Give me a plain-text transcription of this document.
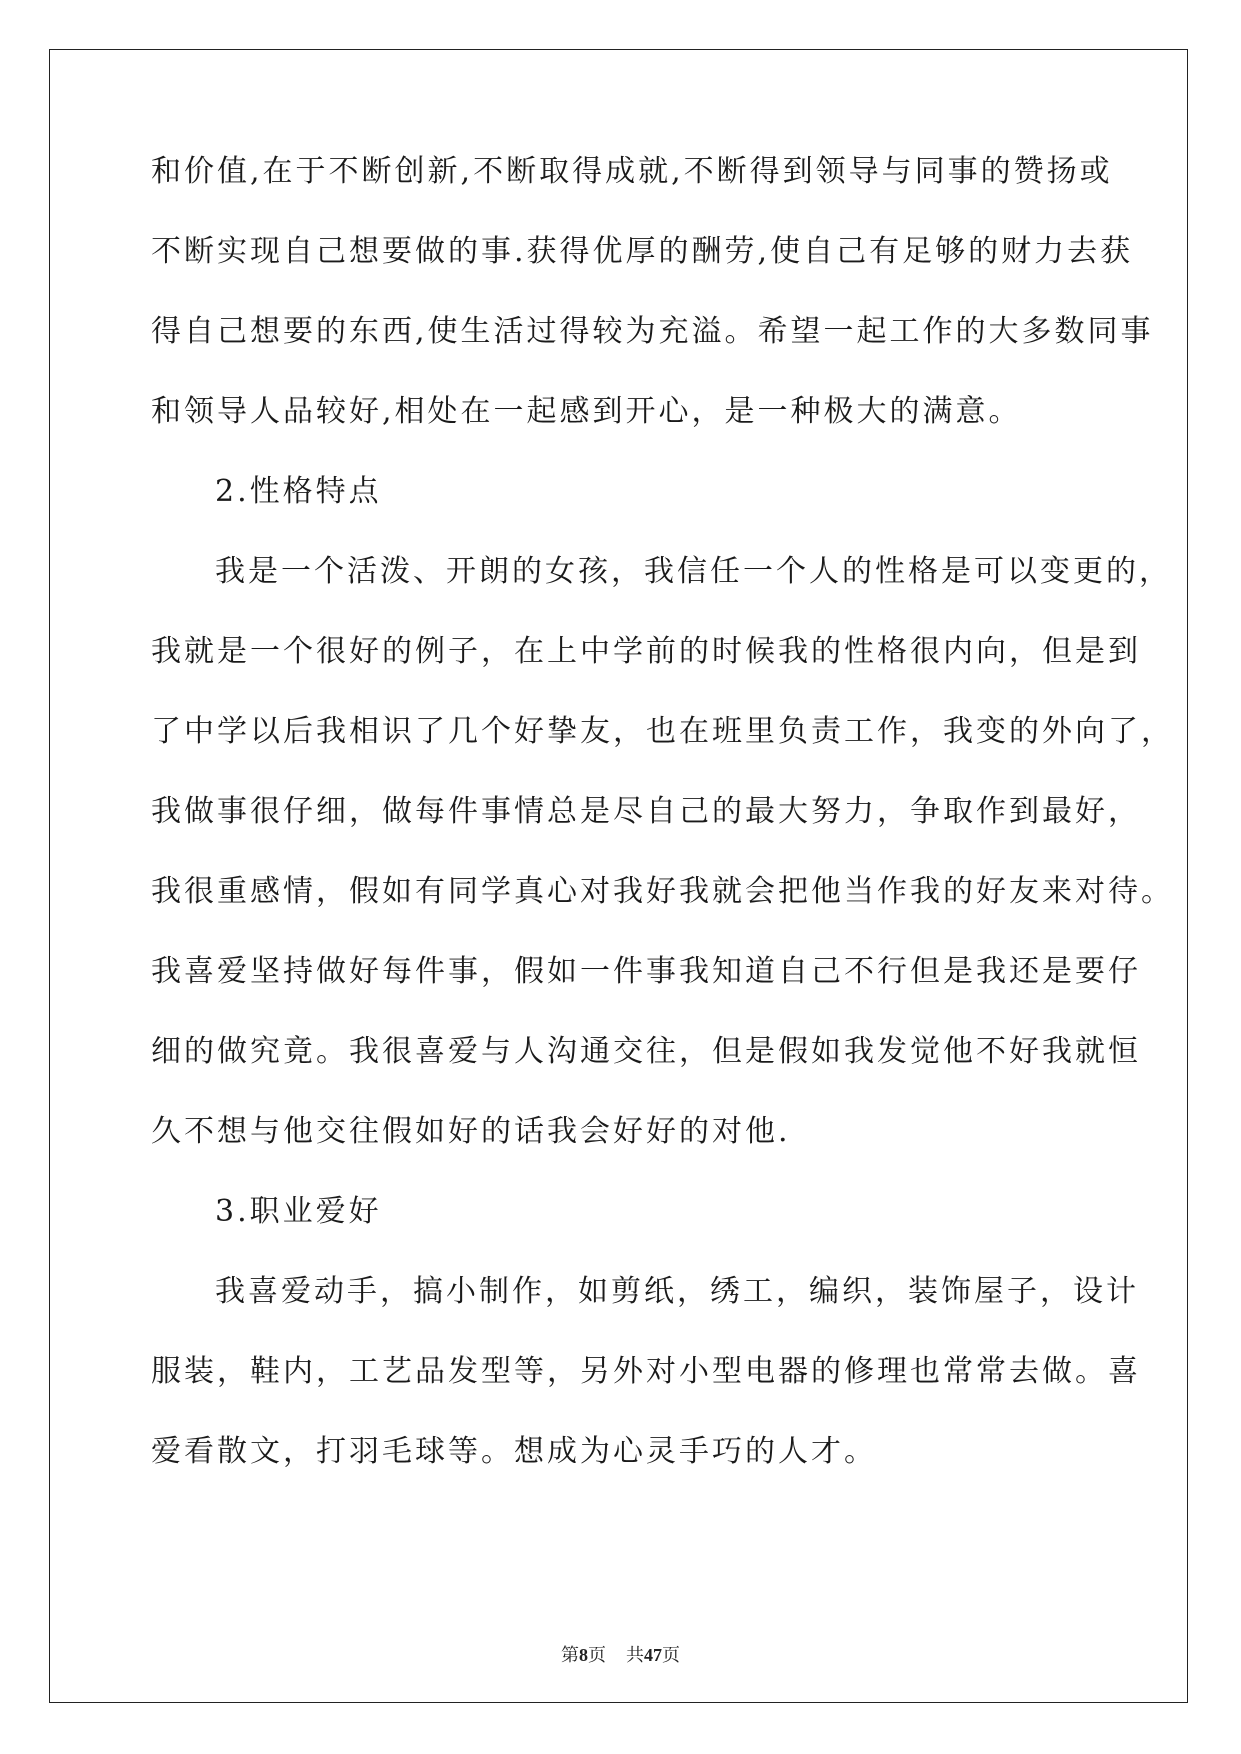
和价值,在于不断创新,不断取得成就,不断得到领导与同事的赞扬或
不断实现自己想要做的事.获得优厚的酬劳,使自己有足够的财力去获
得自己想要的东西,使生活过得较为充溢。希望一起工作的大多数同事
和领导人品较好,相处在一起感到开心，是一种极大的满意。
2.性格特点
我是一个活泼、开朗的女孩，我信任一个人的性格是可以变更的，
我就是一个很好的例子，在上中学前的时候我的性格很内向，但是到
了中学以后我相识了几个好挚友，也在班里负责工作，我变的外向了，
我做事很仔细，做每件事情总是尽自己的最大努力，争取作到最好，
我很重感情，假如有同学真心对我好我就会把他当作我的好友来对待。
我喜爱坚持做好每件事，假如一件事我知道自己不行但是我还是要仔
细的做究竟。我很喜爱与人沟通交往，但是假如我发觉他不好我就恒
久不想与他交往假如好的话我会好好的对他.
3.职业爱好
我喜爱动手，搞小制作，如剪纸，绣工，编织，装饰屋子，设计
服装，鞋内，工艺品发型等，另外对小型电器的修理也常常去做。喜
爱看散文，打羽毛球等。想成为心灵手巧的人才。
第8页 共47页
